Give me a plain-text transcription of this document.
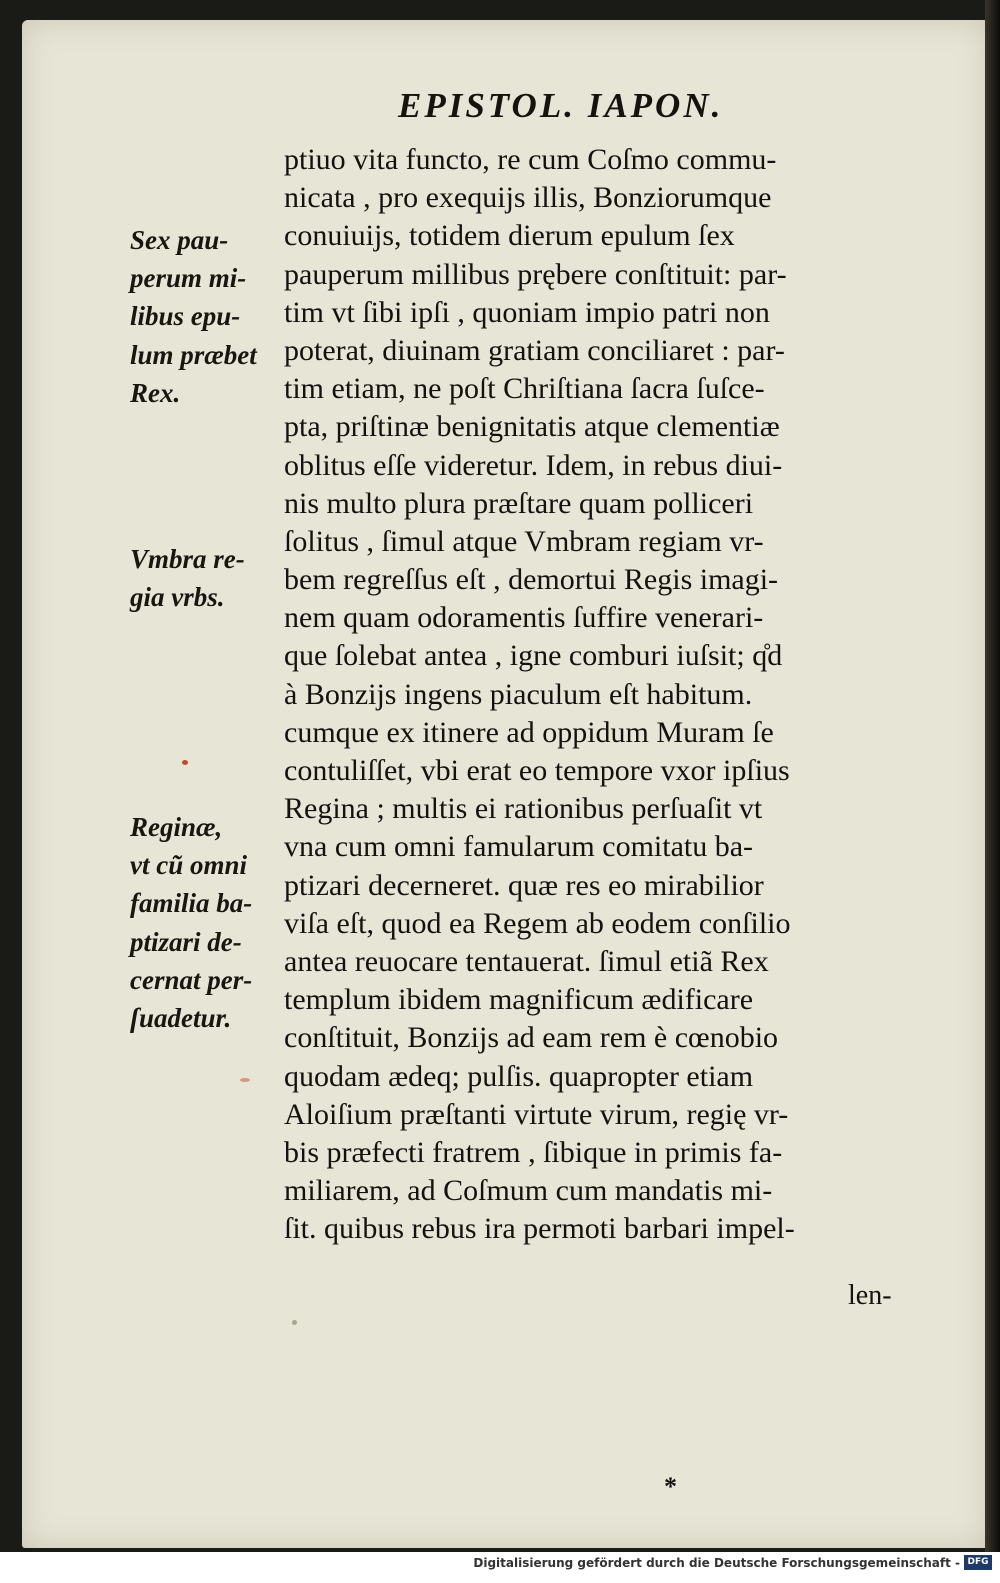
EPISTOL. IAPON.
ptiuo vita functo, re cum Coſmo commu-
nicata , pro exequijs illis, Bonziorumque
conuiuijs, totidem dierum epulum ſex
pauperum millibus pręberе conſtituit: par-
tim vt ſibi ipſi , quoniam impio patri non
poterat, diuinam gratiam conciliaret : par-
tim etiam, ne poſt Chriſtiana ſacra ſuſce-
pta, priſtinæ benignitatis atque clementiæ
oblitus eſſe videretur. Idem, in rebus diui-
nis multo plura præſtare quam polliceri
ſolitus , ſimul atque Vmbram regiam vr-
bem regreſſus eſt , demortui Regis imagi-
nem quam odoramentis ſuffire venerari-
que ſolebat antea , igne comburi iuſsit; q̊d
à Bonzijs ingens piaculum eſt habitum.
cumque ex itinere ad oppidum Muram ſe
contuliſſet, vbi erat eo tempore vxor ipſius
Regina ; multis ei rationibus perſuaſit vt
vna cum omni famularum comitatu ba-
ptizari decerneret. quæ res eo mirabilior
viſa eſt, quod ea Regem ab eodem conſilio
antea reuocare tentauerat. ſimul etiã Rex
templum ibidem magnificum ædificare
conſtituit, Bonzijs ad eam rem è cœnobio
quodam ædeq; pulſis. quapropter etiam
Aloiſium præſtanti virtute virum, regię vr-
bis præfecti fratrem , ſibique in primis fa-
miliarem, ad Coſmum cum mandatis mi-
ſit. quibus rebus ira permoti barbari impel-
Sex pau-
perum mi-
libus epu-
lum præbet
Rex.
Vmbra re-
gia vrbs.
Reginæ,
vt cũ omni
familia ba-
ptizari de-
cernat per-
ſuadetur.
len-
*
Digitalisierung gefördert durch die Deutsche Forschungsgemeinschaft - DFG
